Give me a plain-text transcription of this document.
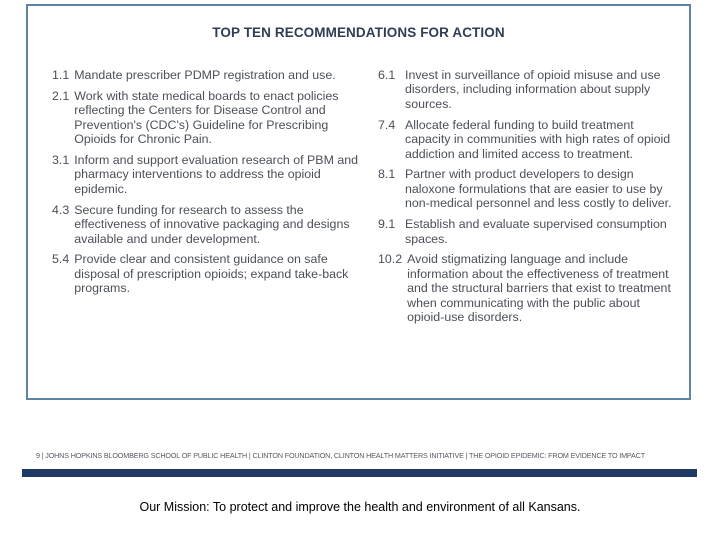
TOP TEN RECOMMENDATIONS FOR ACTION
1.1 Mandate prescriber PDMP registration and use.
2.1 Work with state medical boards to enact policies reflecting the Centers for Disease Control and Prevention's (CDC's) Guideline for Prescribing Opioids for Chronic Pain.
3.1 Inform and support evaluation research of PBM and pharmacy interventions to address the opioid epidemic.
4.3 Secure funding for research to assess the effectiveness of innovative packaging and designs available and under development.
5.4 Provide clear and consistent guidance on safe disposal of prescription opioids; expand take-back programs.
6.1 Invest in surveillance of opioid misuse and use disorders, including information about supply sources.
7.4 Allocate federal funding to build treatment capacity in communities with high rates of opioid addiction and limited access to treatment.
8.1 Partner with product developers to design naloxone formulations that are easier to use by non-medical personnel and less costly to deliver.
9.1 Establish and evaluate supervised consumption spaces.
10.2 Avoid stigmatizing language and include information about the effectiveness of treatment and the structural barriers that exist to treatment when communicating with the public about opioid-use disorders.
9 | JOHNS HOPKINS BLOOMBERG SCHOOL OF PUBLIC HEALTH | CLINTON FOUNDATION, CLINTON HEALTH MATTERS INITIATIVE | THE OPIOID EPIDEMIC: FROM EVIDENCE TO IMPACT
Our Mission: To protect and improve the health and environment of all Kansans.
